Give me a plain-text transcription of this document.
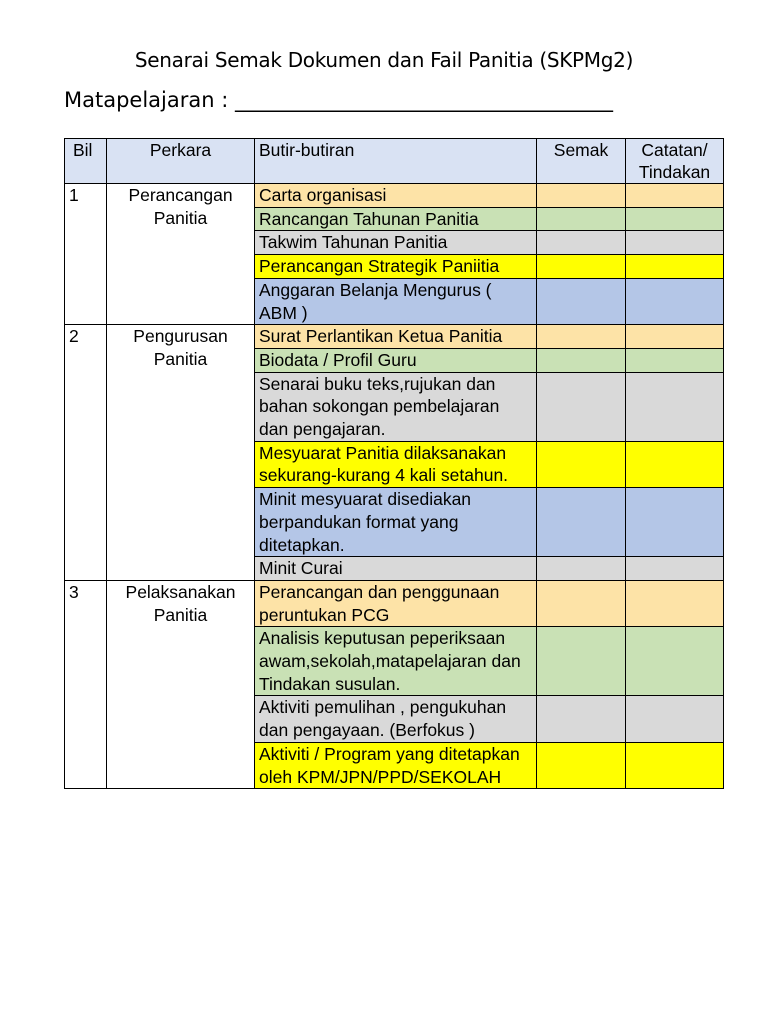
Senarai Semak Dokumen dan Fail Panitia (SKPMg2)
Matapelajaran : ____________________________________
Bil	Perkara	Butir-butiran	Semak	Catatan/ Tindakan
1	Perancangan Panitia	Carta organisasi		
		Rancangan Tahunan Panitia		
		Takwim Tahunan Panitia		
		Perancangan Strategik Paniitia		
		Anggaran Belanja Mengurus ( ABM )		
2	Pengurusan Panitia	Surat Perlantikan Ketua Panitia		
		Biodata / Profil Guru		
		Senarai buku teks,rujukan dan bahan sokongan pembelajaran dan pengajaran.		
		Mesyuarat Panitia dilaksanakan sekurang-kurang 4 kali setahun.		
		Minit mesyuarat disediakan berpandukan format yang ditetapkan.		
		Minit Curai		
3	Pelaksanakan Panitia	Perancangan dan penggunaan peruntukan PCG		
		Analisis keputusan peperiksaan awam,sekolah,matapelajaran dan Tindakan susulan.		
		Aktiviti pemulihan , pengukuhan dan pengayaan. (Berfokus )		
		Aktiviti / Program yang ditetapkan oleh KPM/JPN/PPD/SEKOLAH		
